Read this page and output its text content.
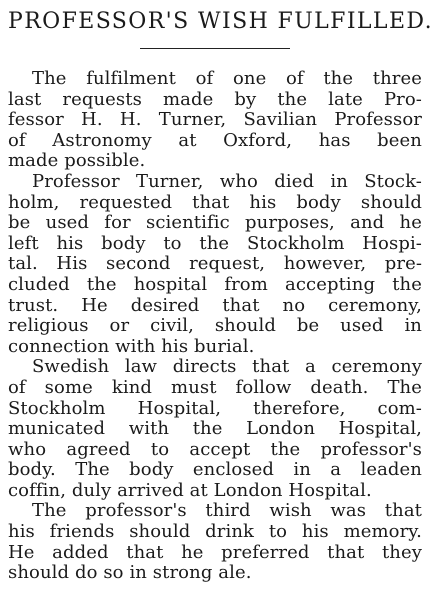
PROFESSOR'S WISH FULFILLED.

The fulfilment of one of the three
last requests made by the late Pro-
fessor H. H. Turner, Savilian Professor
of Astronomy at Oxford, has been
made possible.

Professor Turner, who died in Stock-
holm, requested that his body should
be used for scientific purposes, and he
left his body to the Stockholm Hospi-
tal. His second request, however, pre-
cluded the hospital from accepting the
trust. He desired that no ceremony,
religious or civil, should be used in
connection with his burial.

Swedish law directs that a ceremony
of some kind must follow death. The
Stockholm Hospital, therefore, com-
municated with the London Hospital,
who agreed to accept the professor's
body. The body enclosed in a leaden
coffin, duly arrived at London Hospital.

The professor's third wish was that
his friends should drink to his memory.
He added that he preferred that they
should do so in strong ale.
